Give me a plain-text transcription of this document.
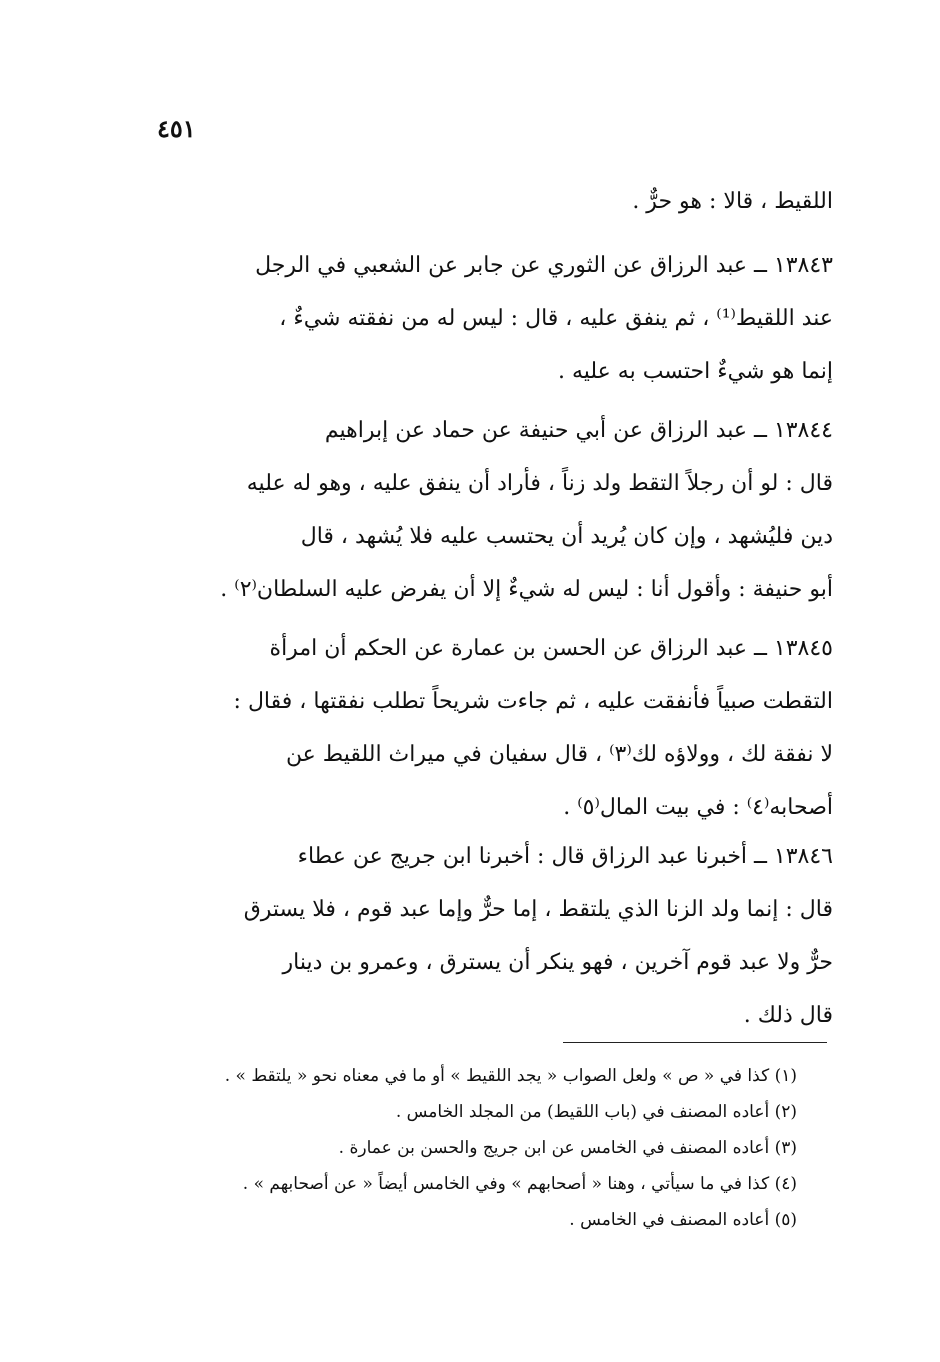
٤٥١
اللقيط ، قالا : هو حرٌّ .
١٣٨٤٣ ــ عبد الرزاق عن الثوري عن جابر عن الشعبي في الرجل
عند اللقيط⁽¹⁾ ، ثم ينفق عليه ، قال : ليس له من نفقته شيءٌ ،
إنما هو شيءٌ احتسب به عليه .
١٣٨٤٤ ــ عبد الرزاق عن أبي حنيفة عن حماد عن إبراهيم
قال : لو أن رجلاً التقط ولد زناً ، فأراد أن ينفق عليه ، وهو له عليه
دين فليُشهد ، وإن كان يُريد أن يحتسب عليه فلا يُشهد ، قال
أبو حنيفة : وأقول أنا : ليس له شيءٌ إلا أن يفرض عليه السلطان⁽٢⁾ .
١٣٨٤٥ ــ عبد الرزاق عن الحسن بن عمارة عن الحكم أن امرأة
التقطت صبياً فأنفقت عليه ، ثم جاءت شريحاً تطلب نفقتها ، فقال :
لا نفقة لك ، وولاؤه لك⁽٣⁾ ، قال سفيان في ميراث اللقيط عن
أصحابه⁽٤⁾ : في بيت المال⁽٥⁾ .
١٣٨٤٦ ــ أخبرنا عبد الرزاق قال : أخبرنا ابن جريج عن عطاء
قال : إنما ولد الزنا الذي يلتقط ، إما حرٌّ وإما عبد قوم ، فلا يسترق
حرٌّ ولا عبد قوم آخرين ، فهو ينكر أن يسترق ، وعمرو بن دينار
قال ذلك .
(١) كذا في « ص » ولعل الصواب « يجد اللقيط » أو ما في معناه نحو « يلتقط » .
(٢) أعاده المصنف في (باب اللقيط) من المجلد الخامس .
(٣) أعاده المصنف في الخامس عن ابن جريج والحسن بن عمارة .
(٤) كذا في ما سيأتي ، وهنا « أصحابهم » وفي الخامس أيضاً « عن أصحابهم » .
(٥) أعاده المصنف في الخامس .
